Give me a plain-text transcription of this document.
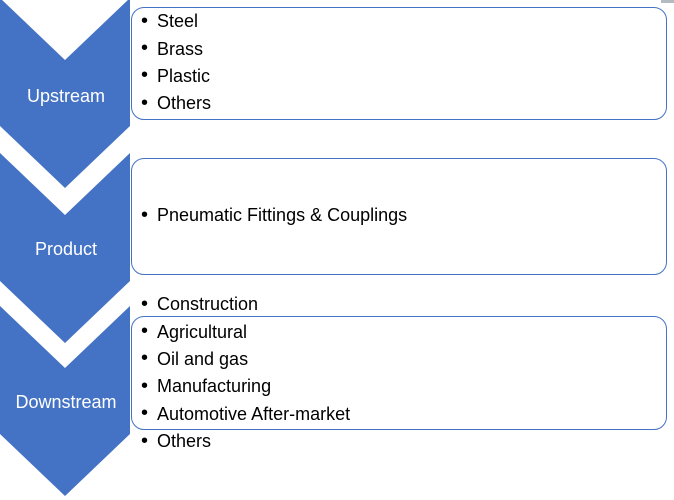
Upstream
Product
Downstream
• Steel
• Brass
• Plastic
• Others
• Pneumatic Fittings & Couplings
• Construction
• Agricultural
• Oil and gas
• Manufacturing
• Automotive After-market
• Others
